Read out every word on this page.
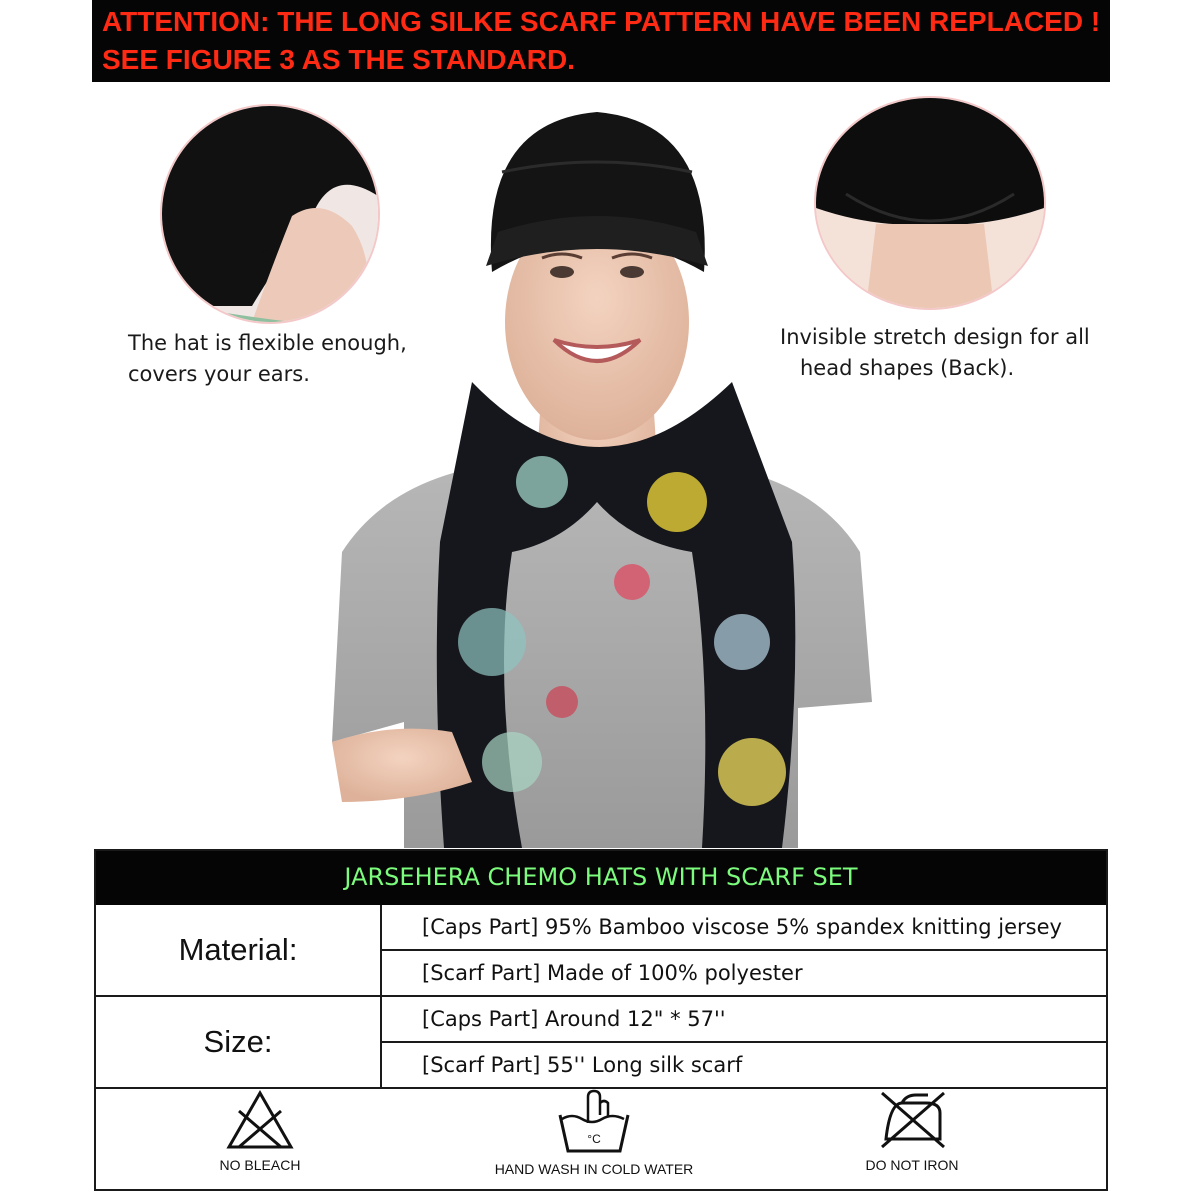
ATTENTION: THE LONG SILKE SCARF PATTERN HAVE BEEN REPLACED !
SEE FIGURE 3 AS THE STANDARD.
The hat is flexible enough,
covers your ears.
Invisible stretch design for all
head shapes (Back).
JARSEHERA CHEMO HATS WITH SCARF SET
Material:
[Caps Part] 95% Bamboo viscose 5% spandex knitting jersey
[Scarf Part] Made of 100% polyester
Size:
[Caps Part] Around 12" * 57''
[Scarf Part] 55'' Long silk scarf
NO BLEACH
°C
HAND WASH IN COLD WATER	DO NOT IRON
